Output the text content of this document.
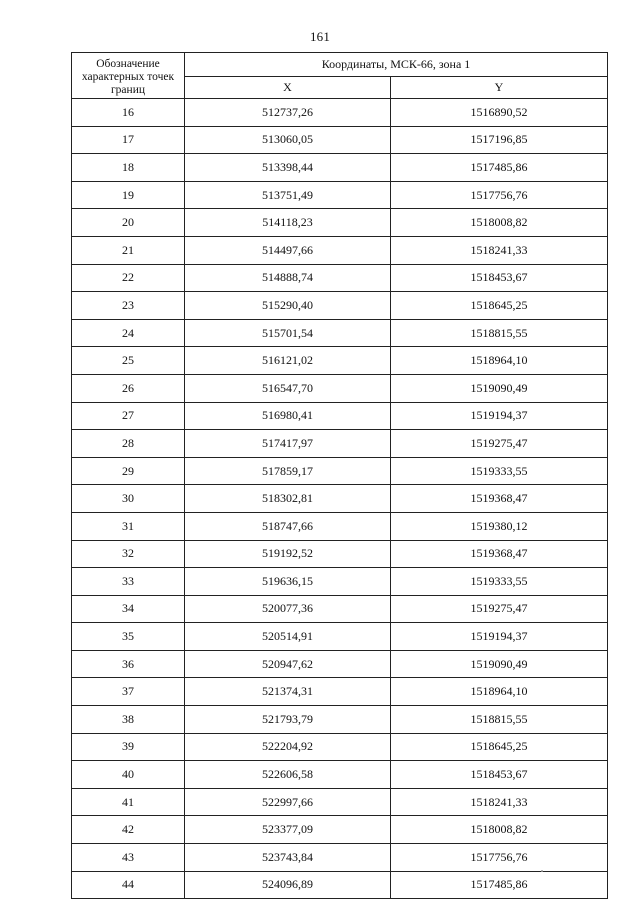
161
Обозначение характерных точек границ	Координаты, МСК-66, зона 1	
	X	Y
16	512737,26	1516890,52
17	513060,05	1517196,85
18	513398,44	1517485,86
19	513751,49	1517756,76
20	514118,23	1518008,82
21	514497,66	1518241,33
22	514888,74	1518453,67
23	515290,40	1518645,25
24	515701,54	1518815,55
25	516121,02	1518964,10
26	516547,70	1519090,49
27	516980,41	1519194,37
28	517417,97	1519275,47
29	517859,17	1519333,55
30	518302,81	1519368,47
31	518747,66	1519380,12
32	519192,52	1519368,47
33	519636,15	1519333,55
34	520077,36	1519275,47
35	520514,91	1519194,37
36	520947,62	1519090,49
37	521374,31	1518964,10
38	521793,79	1518815,55
39	522204,92	1518645,25
40	522606,58	1518453,67
41	522997,66	1518241,33
42	523377,09	1518008,82
43	523743,84	1517756,76
44	524096,89	1517485,86
